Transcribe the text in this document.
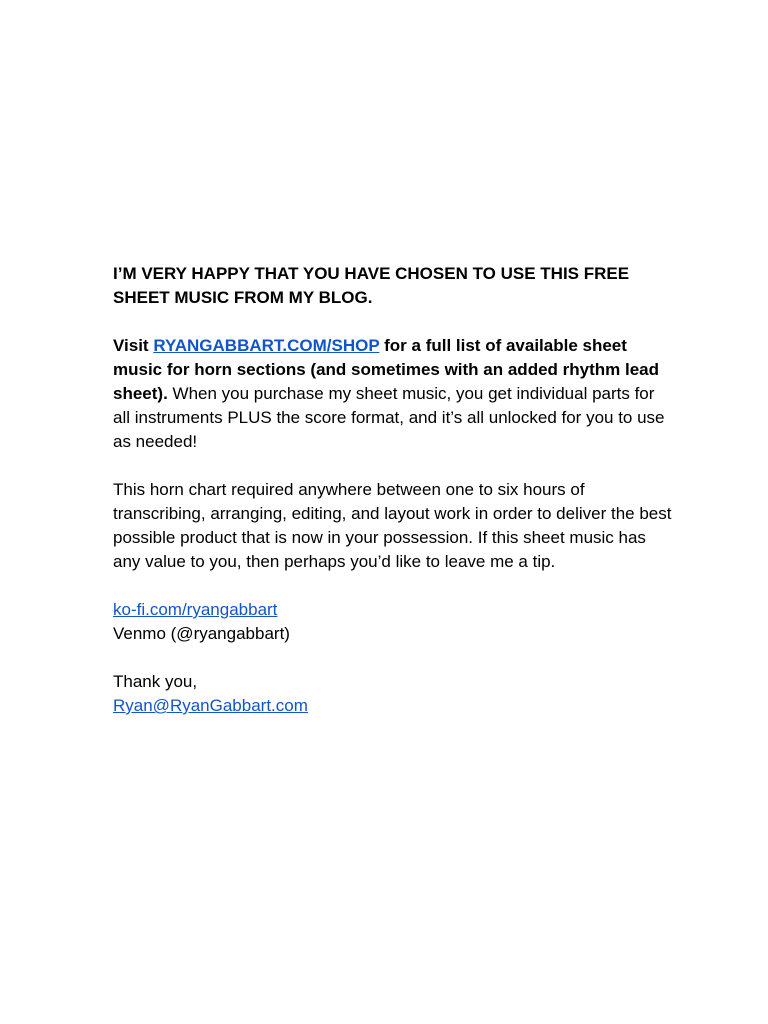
I’M VERY HAPPY THAT YOU HAVE CHOSEN TO USE THIS FREE SHEET MUSIC FROM MY BLOG.

Visit RYANGABBART.COM/SHOP for a full list of available sheet music for horn sections (and sometimes with an added rhythm lead sheet). When you purchase my sheet music, you get individual parts for all instruments PLUS the score format, and it’s all unlocked for you to use as needed!

This horn chart required anywhere between one to six hours of transcribing, arranging, editing, and layout work in order to deliver the best possible product that is now in your possession. If this sheet music has any value to you, then perhaps you’d like to leave me a tip.

ko-fi.com/ryangabbart
Venmo (@ryangabbart)

Thank you,
Ryan@RyanGabbart.com
